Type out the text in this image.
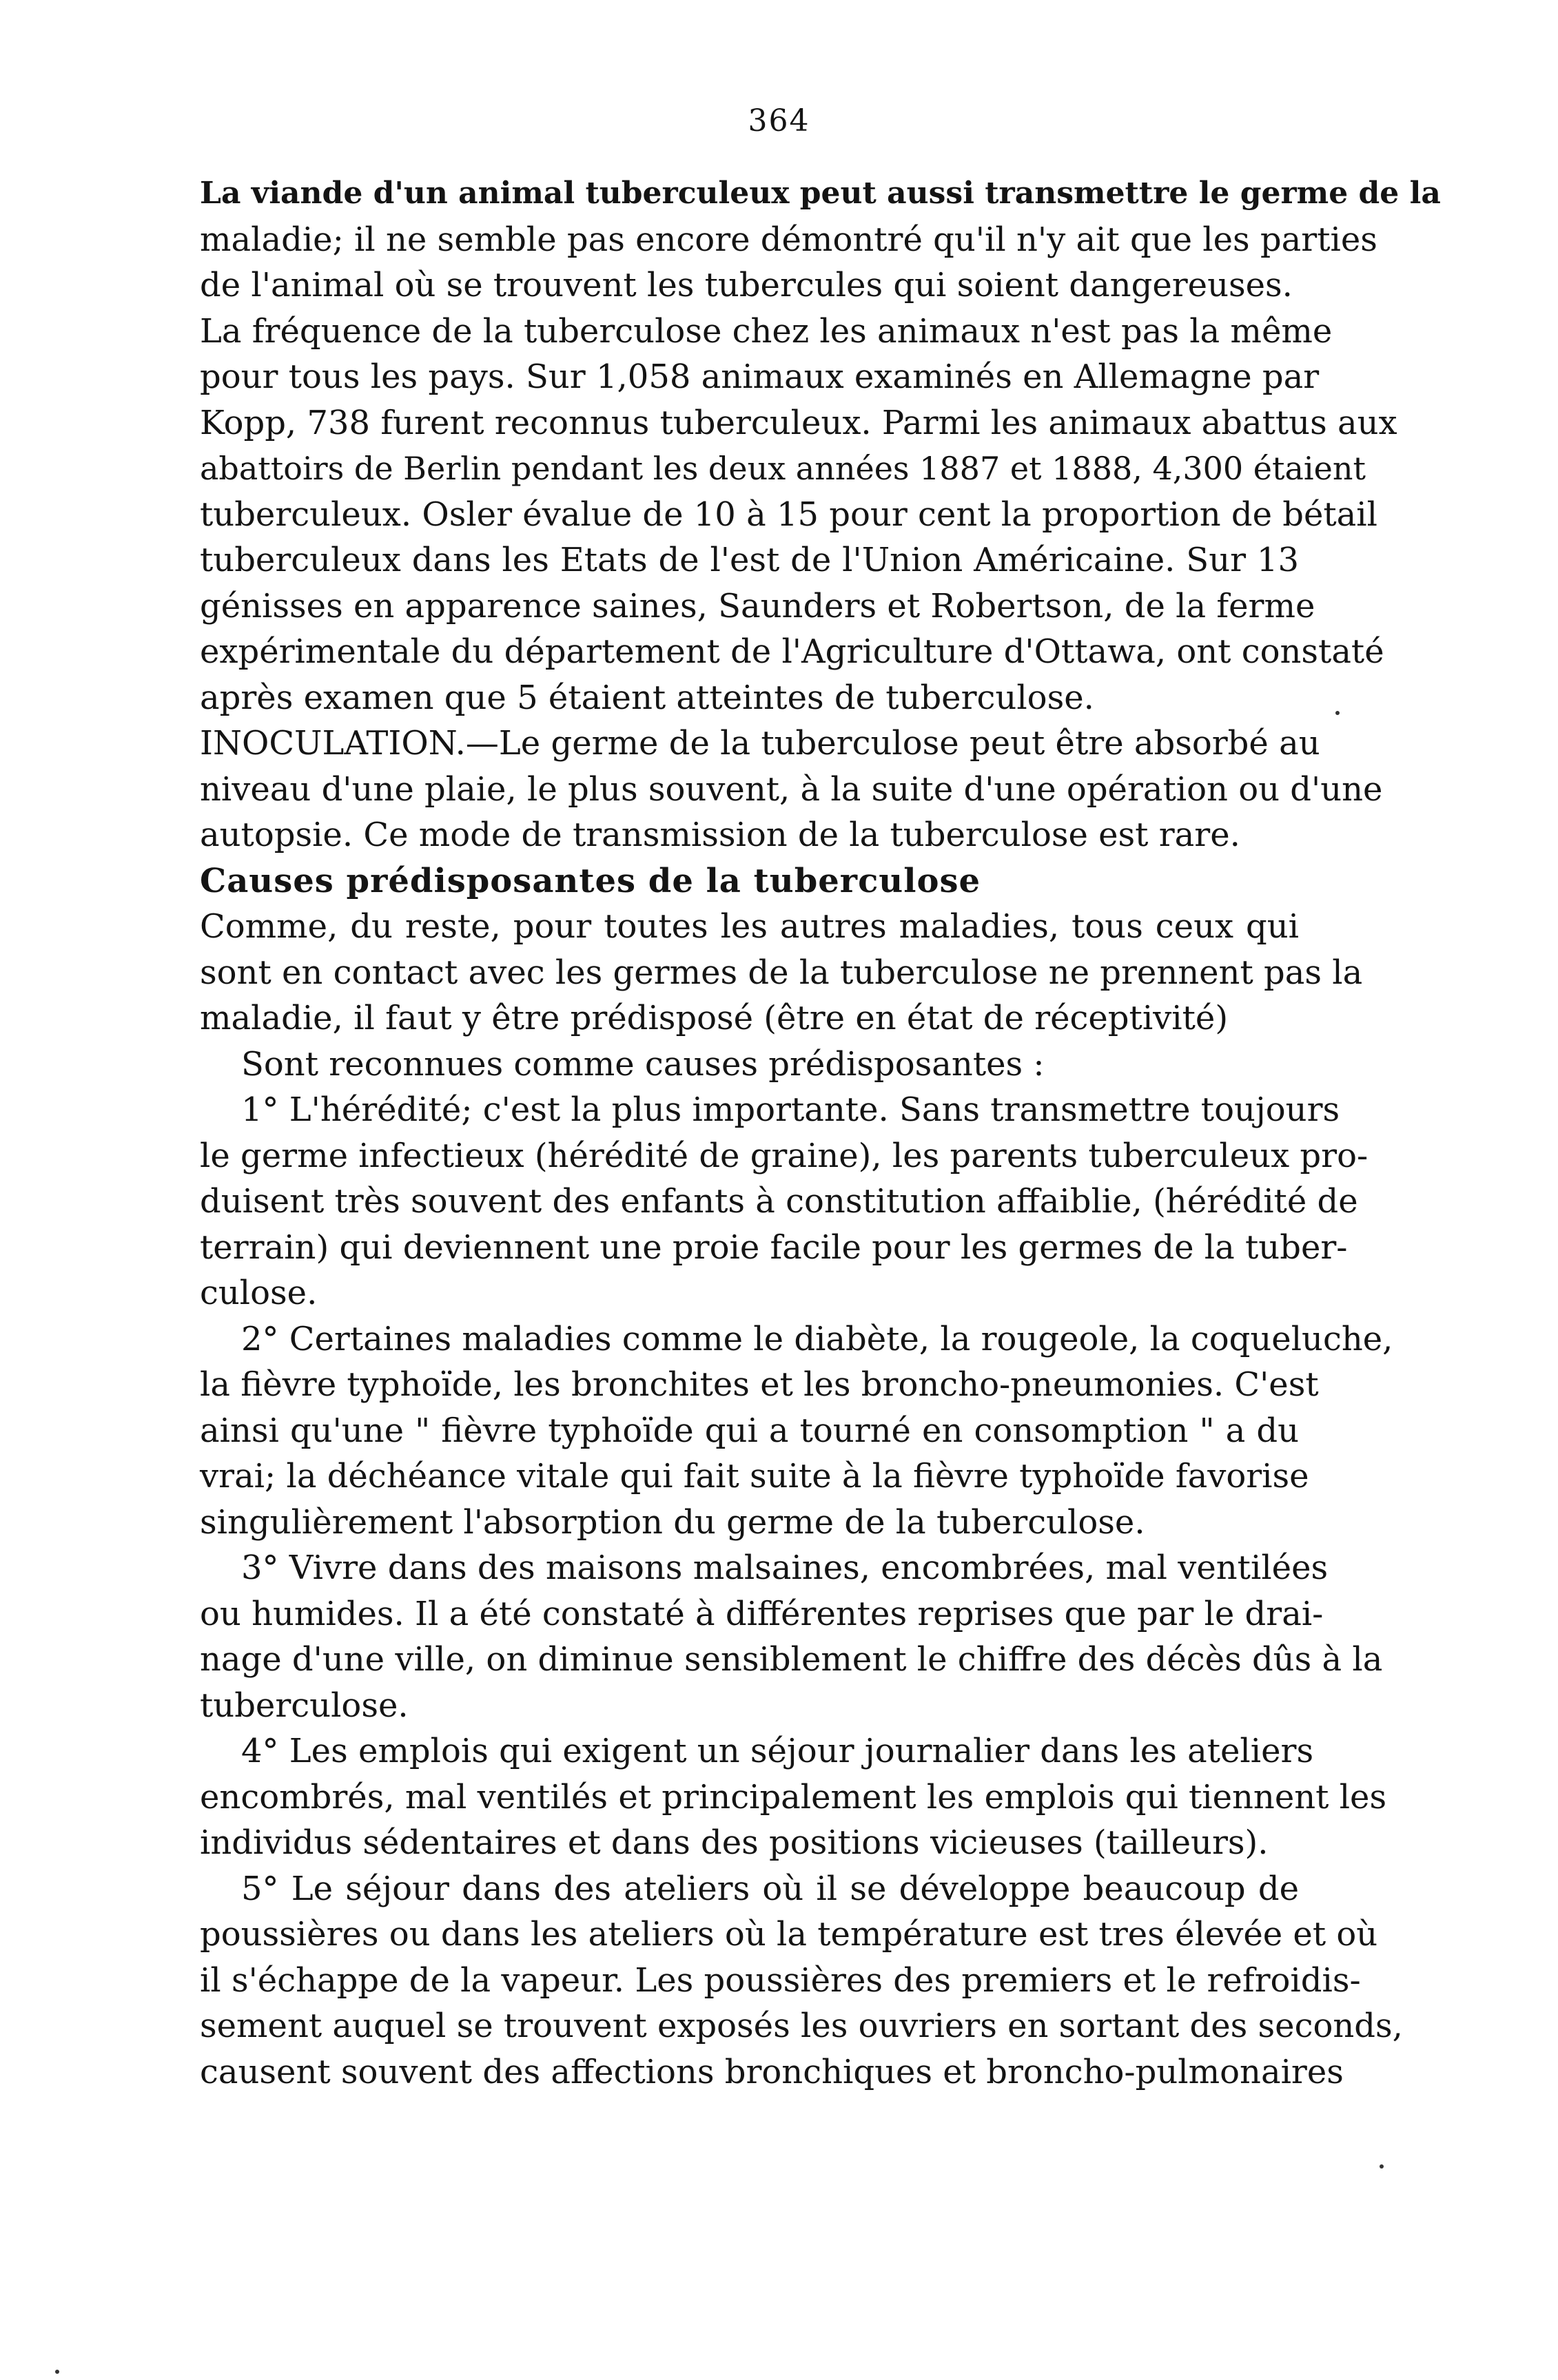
364
La viande d'un animal tuberculeux peut aussi transmettre le germe de la
maladie; il ne semble pas encore démontré qu'il n'y ait que les parties
de l'animal où se trouvent les tubercules qui soient dangereuses.
La fréquence de la tuberculose chez les animaux n'est pas la même
pour tous les pays. Sur 1,058 animaux examinés en Allemagne par
Kopp, 738 furent reconnus tuberculeux. Parmi les animaux abattus aux
abattoirs de Berlin pendant les deux années 1887 et 1888, 4,300 étaient
tuberculeux. Osler évalue de 10 à 15 pour cent la proportion de bétail
tuberculeux dans les Etats de l'est de l'Union Américaine. Sur 13
génisses en apparence saines, Saunders et Robertson, de la ferme
expérimentale du département de l'Agriculture d'Ottawa, ont constaté
après examen que 5 étaient atteintes de tuberculose.
INOCULATION.—Le germe de la tuberculose peut être absorbé au
niveau d'une plaie, le plus souvent, à la suite d'une opération ou d'une
autopsie. Ce mode de transmission de la tuberculose est rare.
Causes prédisposantes de la tuberculose
Comme, du reste, pour toutes les autres maladies, tous ceux qui
sont en contact avec les germes de la tuberculose ne prennent pas la
maladie, il faut y être prédisposé (être en état de réceptivité)
Sont reconnues comme causes prédisposantes :
1° L'hérédité; c'est la plus importante. Sans transmettre toujours
le germe infectieux (hérédité de graine), les parents tuberculeux pro-
duisent très souvent des enfants à constitution affaiblie, (hérédité de
terrain) qui deviennent une proie facile pour les germes de la tuber-
culose.
2° Certaines maladies comme le diabète, la rougeole, la coqueluche,
la fièvre typhoïde, les bronchites et les broncho-pneumonies. C'est
ainsi qu'une " fièvre typhoïde qui a tourné en consomption " a du
vrai; la déchéance vitale qui fait suite à la fièvre typhoïde favorise
singulièrement l'absorption du germe de la tuberculose.
3° Vivre dans des maisons malsaines, encombrées, mal ventilées
ou humides. Il a été constaté à différentes reprises que par le drai-
nage d'une ville, on diminue sensiblement le chiffre des décès dûs à la
tuberculose.
4° Les emplois qui exigent un séjour journalier dans les ateliers
encombrés, mal ventilés et principalement les emplois qui tiennent les
individus sédentaires et dans des positions vicieuses (tailleurs).
5° Le séjour dans des ateliers où il se développe beaucoup de
poussières ou dans les ateliers où la température est tres élevée et où
il s'échappe de la vapeur. Les poussières des premiers et le refroidis-
sement auquel se trouvent exposés les ouvriers en sortant des seconds,
causent souvent des affections bronchiques et broncho-pulmonaires
